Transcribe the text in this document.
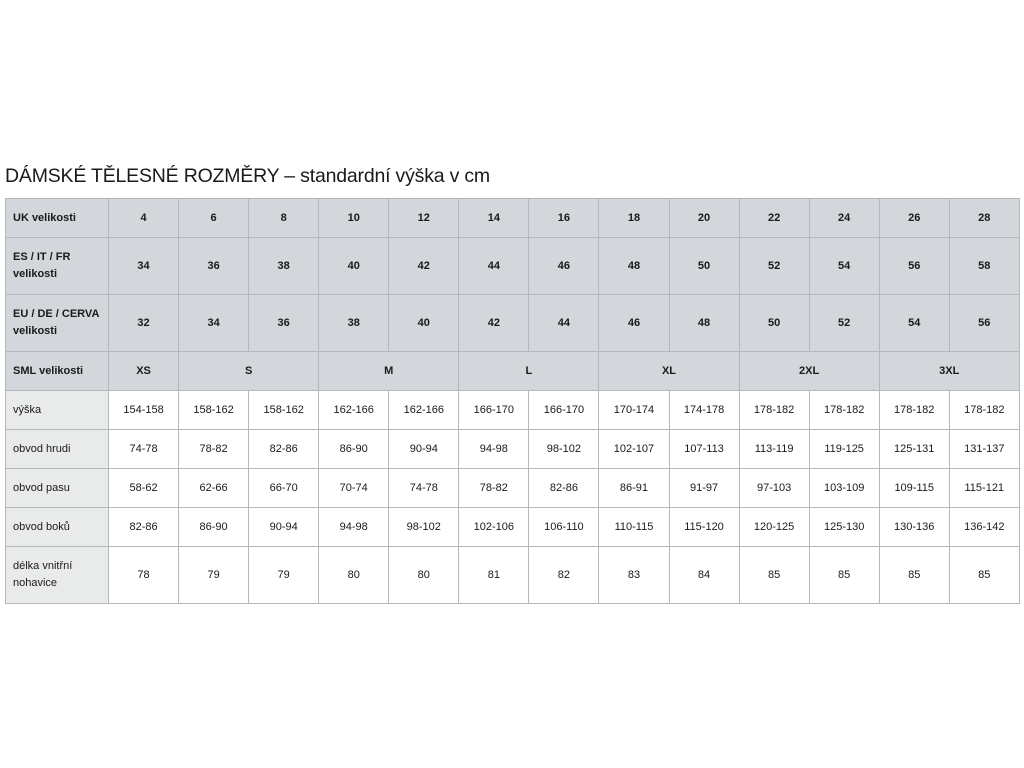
DÁMSKÉ TĚLESNÉ ROZMĚRY – standardní výška v cm
UK velikosti	4	6	8	10	12	14	16	18	20	22	24	26	28
ES / IT / FR
velikosti	34	36	38	40	42	44	46	48	50	52	54	56	58
EU / DE / CERVA
velikosti	32	34	36	38	40	42	44	46	48	50	52	54	56
SML velikosti	XS	S		M		L		XL		2XL		3XL	
výška	154-158	158-162	158-162	162-166	162-166	166-170	166-170	170-174	174-178	178-182	178-182	178-182	178-182
obvod hrudi	74-78	78-82	82-86	86-90	90-94	94-98	98-102	102-107	107-113	113-119	119-125	125-131	131-137
obvod pasu	58-62	62-66	66-70	70-74	74-78	78-82	82-86	86-91	91-97	97-103	103-109	109-115	115-121
obvod boků	82-86	86-90	90-94	94-98	98-102	102-106	106-110	110-115	115-120	120-125	125-130	130-136	136-142
délka vnitřní
nohavice	78	79	79	80	80	81	82	83	84	85	85	85	85
